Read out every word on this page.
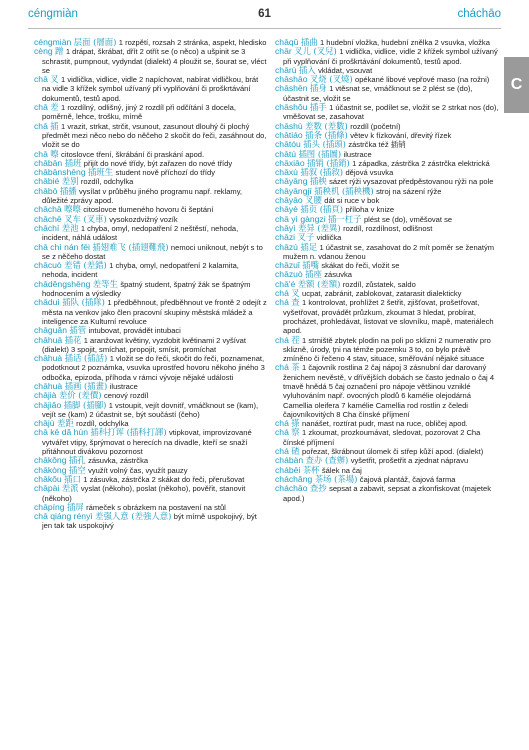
céngmiàn	61	cháchāo
C

céngmiàn 层面 (層面) 1 rozpětí, rozsah 2 stránka, aspekt, hledisko

cèng 蹭 1 drápat, škrábat, dřít 2 otřít se (o něco) a ušpinit se 3 schrastit, pumpnout, vydyndat (dialekt) 4 ploužit se, šourat se, vléct se

chā 叉 1 vidlička, vidlice, vidle 2 napíchovat, nabírat vidličkou, brát na vidle 3 křížek symbol užívaný při vyplňování či proškrtávání dokumentů, testů apod.

chā 差 1 rozdílný, odlišný, jiný 2 rozdíl při odčítání 3 docela, poměrně, lehce, trošku, mírně

chā 插 1 vrazit, strkat, strčit, vsunout, zasunout dlouhý či plochý předmět mezi něco nebo do něčeho 2 skočit do řeči, zasáhnout do, vložit se do

chā 嚓 citoslovce tření, škrábání či praskání apod.

chābān 插班 přijít do nové třídy, být zařazen do nové třídy

chābānshēng 插班生 student nově příchozí do třídy

chābié 差别 rozdíl, odchylka

chābō 插播 vysílat v průběhu jiného programu např. reklamy, důležité zprávy apod.

chāchā 嚓嚓 citoslovce tlumeného hovoru či šeptání

chāchē 叉车 (叉車) vysokozdvižný vozík

chāchí 差池 1 chyba, omyl, nedopatření 2 neštěstí, nehoda, incident, náhlá událost

chā chì nán fēi 插翅难飞 (插翅難飛) nemoci uniknout, nebýt s to se z něčeho dostat

chācuò 差错 (差錯) 1 chyba, omyl, nedopatření 2 kalamita, nehoda, incident

chāděngshēng 差等生 špatný student, špatný žák se špatným hodnocením a výsledky

chāduì 插队 (插隊) 1 předběhnout, předběhnout ve frontě 2 odejít z města na venkov jako člen pracovní skupiny městská mládež a inteligence za Kulturní revoluce

chāguǎn 插管 intubovat, provádět intubaci

chāhuā 插花 1 aranžovat květiny, vyzdobit květinami 2 vyšívat (dialekt) 3 spojit, smíchat, propojit, smísit, promíchat

chāhuà 插话 (插話) 1 vložit se do řeči, skočit do řeči, poznamenat, podotknout 2 poznámka, vsuvka uprostřed hovoru někoho jiného 3 odbočka, epizoda, příhoda v rámci vývoje nějaké události

chāhuà 插画 (插畫) ilustrace

chājià 差价 (差價) cenový rozdíl

chājiǎo 插脚 (插腳) 1 vstoupit, vejít dovnitř, vmáčknout se (kam), vejít se (kam) 2 účastnit se, být součástí (čeho)

chājù 差距 rozdíl, odchylka

chā kē dǎ hùn 插科打诨 (插科打諢) vtipkovat, improvizované vytvářet vtipy, šprýmovat o herecích na divadle, kteří se snaží přitáhnout divákovu pozornost

chākǒng 插孔 zásuvka, zástrčka

chākòng 插空 využít volný čas, využít pauzy

chākǒu 插口 1 zásuvka, zástrčka 2 skákat do řeči, přerušovat

chāpài 差派 vyslat (někoho), poslat (někoho), pověřit, stanovit (někoho)

chāpíng 插屏 rámeček s obrázkem na postavení na stůl

chā qiáng rényì 差强人意 (差強人意) být mírně uspokojivý, být jen tak tak uspokojivý

chāqǔ 插曲 1 hudební vložka, hudební znělka 2 vsuvka, vložka

chār 叉儿 (叉兒) 1 vidlička, vidlice, vidle 2 křížek symbol užívaný při vyplňování či proškrtávání dokumentů, testů apod.

chārù 插入 vkládat, vsouvat

chāshāo 叉烧 (叉燒) opékané libové vepřové maso (na rožni)

chāshēn 插身 1 vtěsnat se, vmáčknout se 2 plést se (do), účastnit se, vložit se

chāshǒu 插手 1 účastnit se, podílet se, vložit se 2 strkat nos (do), vměšovat se, zasahovat

chāshù 差数 (差數) rozdíl (početní)

chātiáo 插条 (插條) větev k fízkování, dřevitý řízek

chātóu 插头 (插頭) zástrčka též 插销

chātú 插图 (插圖) ilustrace

chāxiāo 插销 (插銷) 1 západka, zástrčka 2 zástrčka elektrická

chāxù 插叙 (插敘) dějová vsuvka

chāyāng 插秧 sázet rýži vysazovat předpěstovanou rýži na pole

chāyāngjī 插秧机 (插秧機) stroj na sázení rýže

chāyāo 叉腰 dát si ruce v bok

chāyè 插页 (插頁) příloha v knize

chā yì gàngzi 插一杠子 plést se (do), vměšovat se

chāyì 差异 (差異) rozdíl, rozdílnost, odlišnost

chāzi 叉子 vidlička

chāzú 插足 1 účastnit se, zasahovat do 2 mít poměr se ženatým mužem n. vdanou ženou

chāzuǐ 插嘴 skákat do řeči, vložit se

chāzuò 插座 zásuvka

chā'é 差额 (差額) rozdíl, zůstatek, saldo

chá 叉 ucpat, zabránit, zablokovat, zatarasit dialekticky

chá 查 1 kontrolovat, prohlížet 2 šetřit, zjišťovat, prošetřovat, vyšetřovat, provádět průzkum, zkoumat 3 hledat, probírat, procházet, prohledávat, listovat ve slovníku, mapě, materiálech apod.

chá 茬 1 strniště zbytek plodin na poli po sklizni 2 numerativ pro sklizně, úrody, ţni na témže pozemku 3 to, co bylo právě zmíněno či řečeno 4 stav, situace, směřování nějaké situace

chá 茶 1 čajovník rostlina 2 čaj nápoj 3 zásnubní dar darovaný ženichem nevěstě, v dřívějších dobách se často jednalo o čaj 4 tmavě hnědá 5 čaj označení pro nápoje většinou vzniklé vyluhováním např. ovocných plodů 6 kamélie olejodárná Camellia oleifera 7 kamélie Camellia rod rostlin z čeledi čajovníkovitých 8 Cha čínské příjmení

chá 搽 nanášet, roztírat pudr, mast na ruce, obličej apod.

chá 察 1 zkoumat, prozkoumávat, sledovat, pozorovat 2 Cha čínské příjmení

chá 碴 pořezat, škrábnout úlomek či střep kůží apod. (dialekt)

chábàn 查办 (查辦) vyšetřit, prošetřit a zjednat nápravu

chábēi 茶杯 šálek na čaj

cháchǎng 茶场 (茶場) čajová plantáž, čajová farma

cháchāo 查抄 sepsat a zabavit, sepsat a zkonfiskovat (majetek apod.)
